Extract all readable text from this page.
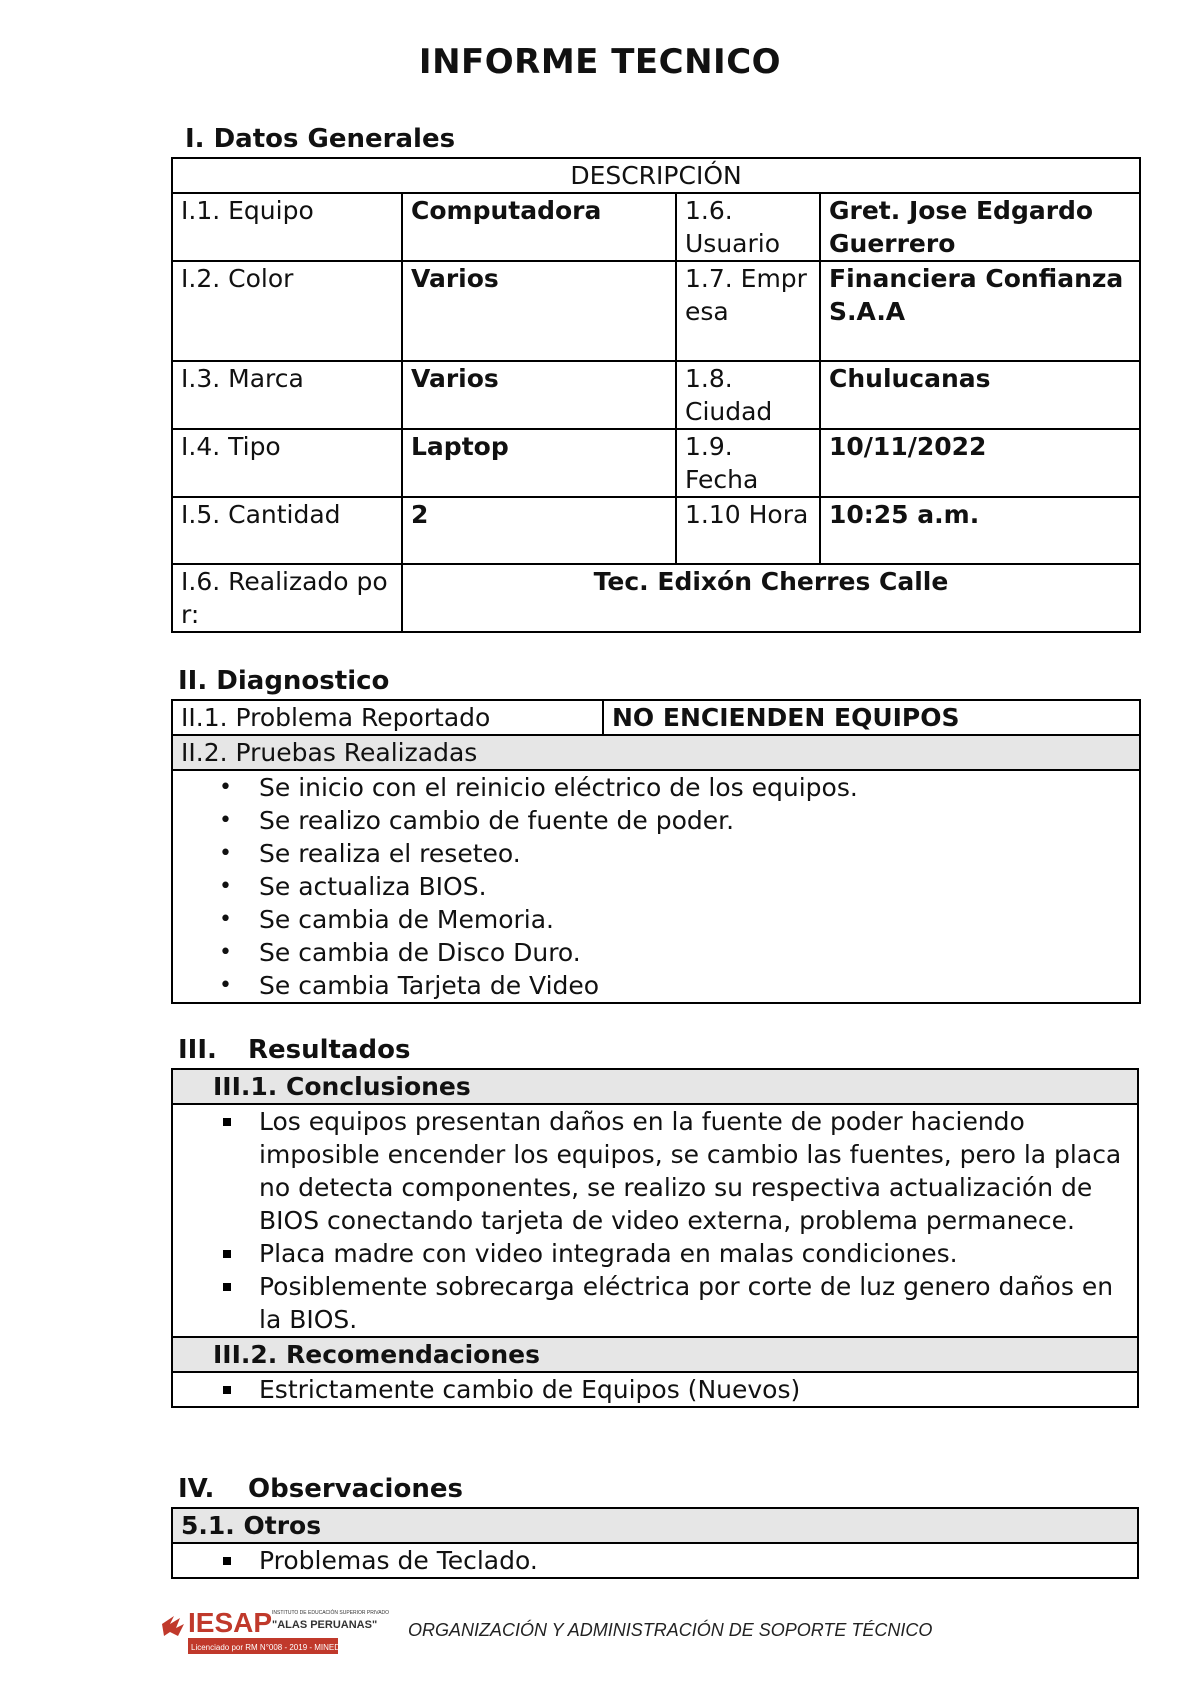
INFORME TECNICO
I. Datos Generales
DESCRIPCIÓN			
I.1. Equipo	Computadora	1.6. Usuario	Gret. Jose Edgardo Guerrero
I.2. Color	Varios	1.7. Empresa	Financiera Confianza S.A.A
I.3. Marca	Varios	1.8. Ciudad	Chulucanas
I.4. Tipo	Laptop	1.9. Fecha	10/11/2022
I.5. Cantidad	2	1.10 Hora	10:25 a.m.
I.6. Realizado por:	Tec. Edixón Cherres Calle		
II. Diagnostico
II.1. Problema Reportado	NO ENCIENDEN EQUIPOS
II.2. Pruebas Realizadas

• Se inicio con el reinicio eléctrico de los equipos.
• Se realizo cambio de fuente de poder.
• Se realiza el reseteo.
• Se actualiza BIOS.
• Se cambia de Memoria.
• Se cambia de Disco Duro.
• Se cambia Tarjeta de Video
III. Resultados
III.1. Conclusiones

Los equipos presentan daños en la fuente de poder haciendo imposible encender los equipos, se cambio las fuentes, pero la placa no detecta componentes, se realizo su respectiva actualización de BIOS conectando tarjeta de video externa, problema permanece.
Placa madre con video integrada en malas condiciones.
Posiblemente sobrecarga eléctrica por corte de luz genero daños en la BIOS.

III.2. Recomendaciones

Estrictamente cambio de Equipos (Nuevos)
IV. Observaciones
5.1. Otros

Problemas de Teclado.
IESAP INSTITUTO DE EDUCACIÓN SUPERIOR PRIVADO
"ALAS PERUANAS"
Licenciado por RM N°008 - 2019 - MINEDU
ORGANIZACIÓN Y ADMINISTRACIÓN DE SOPORTE TÉCNICO
